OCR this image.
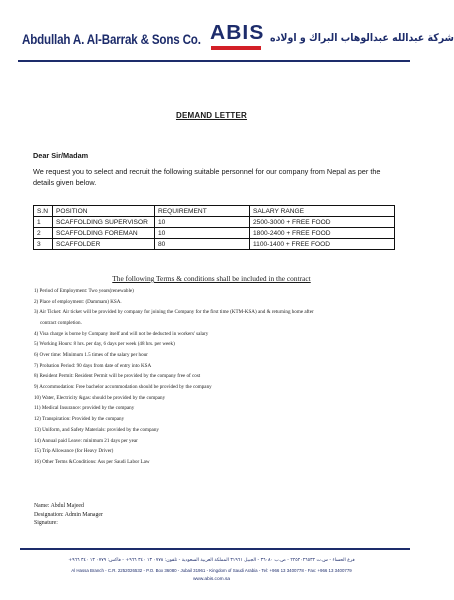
Abdullah A. Al-Barrak & Sons Co. ABIS شركة عبدالله عبدالوهاب البراك و اولاده
DEMAND LETTER
Dear Sir/Madam
We request you to select and recruit the following suitable personnel for our company from Nepal as per the details given below.
S.N	POSITION	REQUIREMENT	SALARY RANGE
1	SCAFFOLDING SUPERVISOR	10	2500-3000 + FREE FOOD
2	SCAFFOLDING FOREMAN	10	1800-2400 + FREE FOOD
3	SCAFFOLDER	80	1100-1400 + FREE FOOD
The following Terms & conditions shall be included in the contract
1) Period of Employment: Two years(renewable)
2) Place of employment: (Dammam) KSA.
3) Air Ticket: Air ticket will be provided by company for joining the Company for the first time (KTM-KSA) and & returning home after
contract completion.
4) Visa charge is borne by Company itself and will not be deducted in workers' salary
5) Working Hours: 8 hrs. per day, 6 days per week (48 hrs. per week)
6) Over time: Minimum 1.5 times of the salary per hour
7) Probation Period: 90 days from date of entry into KSA
8) Resident Permit: Resident Permit will be provided by the company free of cost
9) Accommodation: Free bachelor accommodation should be provided by the company
10) Water, Electricity &gas: should be provided by the company
11) Medical Insurance: provided by the company
12) Transpiration: Provided by the company
13) Uniform, and Safety Materials: provided by the company
14) Annual paid Leave: minimum 21 days per year
15) Trip Allowance (for Heavy Driver)
16) Other Terms &Conditions: Ass per Saudi Labor Law
Name: Abdul Majeed
Designation: Admin Manager
Signature:
فرع الحساء - س.ت ٢٢٥٢٠٢٦٥٣٢ - ص.ب ٣٦٠٨٠ - الجبيل ٣١٩٦١ المملكة العربية السعودية - تلفون: ٠٧٧٨ ١٣ ٣٤٠ ٩٦٦+ - فاكس: ٠٧٧٩ ١٣ ٣٤٠ ٩٦٦+
Al Hassa Branch - C.R. 2252026532 - P.O. Box 36080 - Jubail 31961 - Kingdom of Saudi Arabia - Tel: +966 13 3400778 - Fax: +966 13 3400779
www.abis.com.sa
